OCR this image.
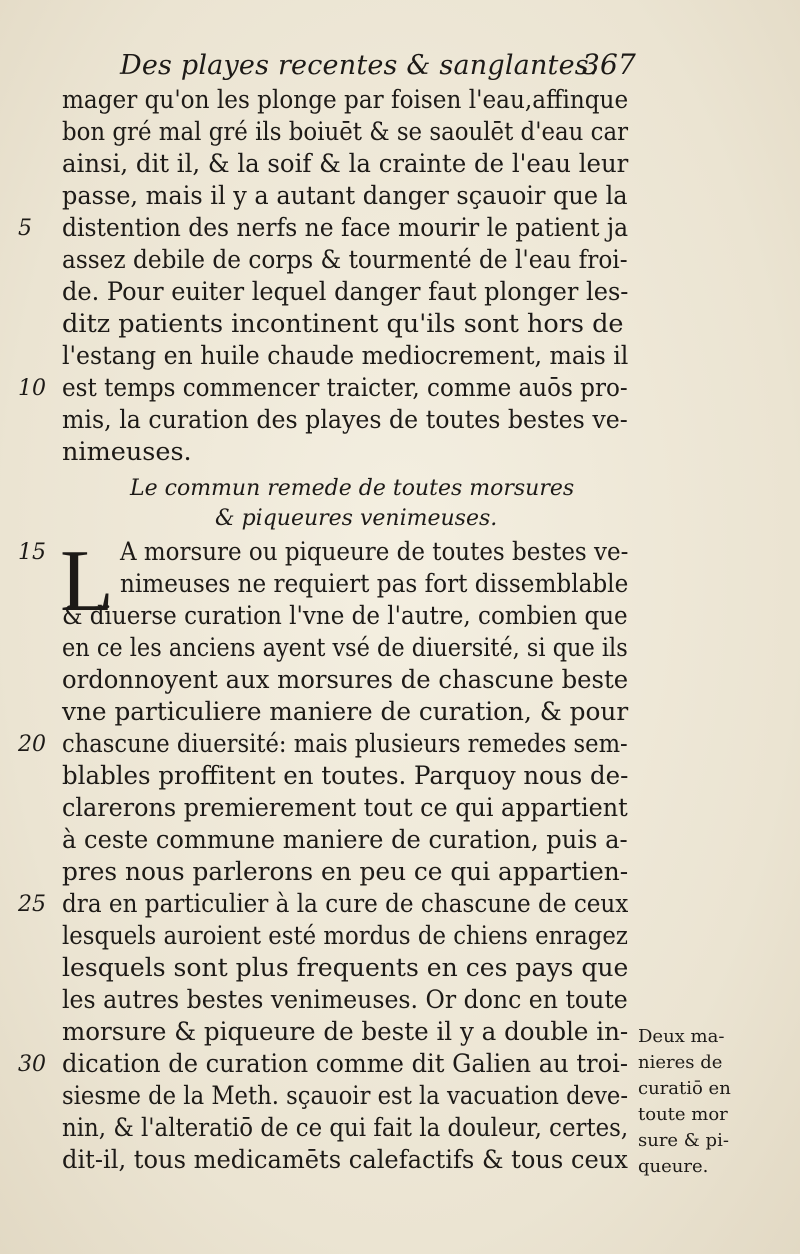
Des playes recentes & sanglantes.
367
mager qu'on les plonge par foisen l'eau,affinque
bon gré mal gré ils boiuēt & se saoulēt d'eau car
ainsi, dit il, & la soif & la crainte de l'eau leur
passe, mais il y a autant danger sçauoir que la
distention des nerfs ne face mourir le patient ja
assez debile de corps & tourmenté de l'eau froi-
de. Pour euiter lequel danger faut plonger les-
ditz patients incontinent qu'ils sont hors de
l'estang en huile chaude mediocrement, mais il
est temps commencer traicter, comme auōs pro-
mis, la curation des playes de toutes bestes ve-
nimeuses.
Le commun remede de toutes morsures
& piqueures venimeuses.
L A morsure ou piqueure de toutes bestes ve-
nimeuses ne requiert pas fort dissemblable
& diuerse curation l'vne de l'autre, combien que
en ce les anciens ayent vsé de diuersité, si que ils
ordonnoyent aux morsures de chascune beste
vne particuliere maniere de curation, & pour
chascune diuersité: mais plusieurs remedes sem-
blables proffitent en toutes. Parquoy nous de-
clarerons premierement tout ce qui appartient
à ceste commune maniere de curation, puis a-
pres nous parlerons en peu ce qui appartien-
dra en particulier à la cure de chascune de ceux
lesquels auroient esté mordus de chiens enragez
lesquels sont plus frequents en ces pays que
les autres bestes venimeuses. Or donc en toute
morsure & piqueure de beste il y a double in-
dication de curation comme dit Galien au troi-
siesme de la Meth. sçauoir est la vacuation deve-
nin, & l'alteratiō de ce qui fait la douleur, certes,
dit-il, tous medicamēts calefactifs & tous ceux
5
10
15
20
25
30
Deux ma-
nieres de
curatiō en
toute mor
sure & pi-
queure.
